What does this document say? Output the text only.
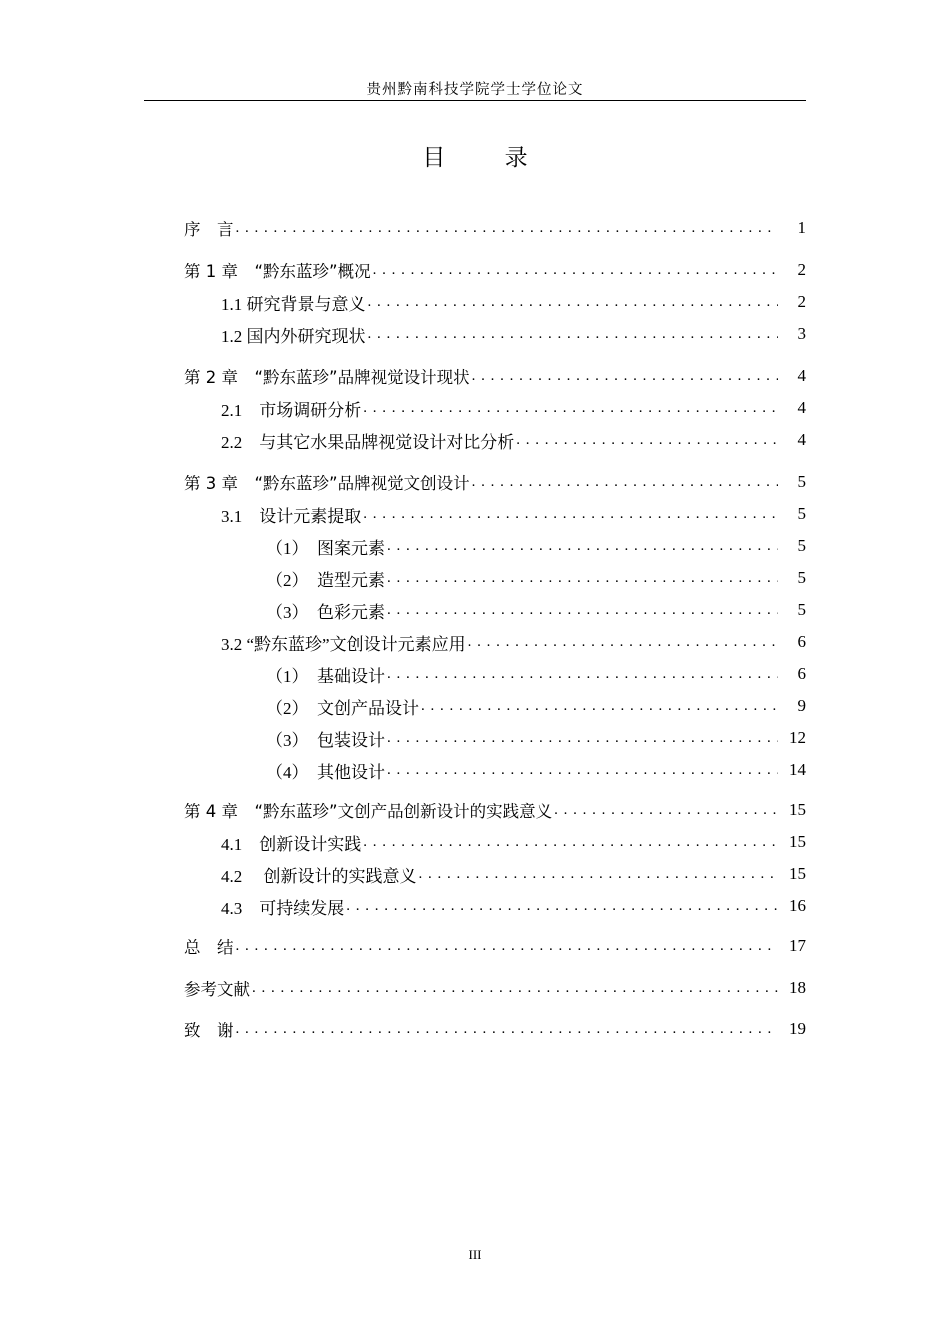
贵州黔南科技学院学士学位论文
目 录
序　言 . . .	1
第 1 章　“黔东蓝珍”概况 . . .	2
1.1 研究背景与意义 . . .	2
1.2 国内外研究现状 . . .	3
第 2 章　“黔东蓝珍”品牌视觉设计现状 . . .	4
2.1　市场调研分析 . . .	4
2.2　与其它水果品牌视觉设计对比分析 . . .	4
第 3 章　“黔东蓝珍”品牌视觉文创设计 . . .	5
3.1　设计元素提取 . . .	5
（1）　图案元素 . . .	5
（2）　造型元素 . . .	5
（3）　色彩元素 . . .	5
3.2 “黔东蓝珍”文创设计元素应用 . . .	6
（1）　基础设计 . . .	6
（2）　文创产品设计 . . .	9
（3）　包装设计 . . .	12
（4）　其他设计 . . .	14
第 4 章　“黔东蓝珍”文创产品创新设计的实践意义 . . .	15
4.1　创新设计实践 . . .	15
4.2　 创新设计的实践意义 . . .	15
4.3　可持续发展 . . .	16
总　结 . . .	17
参考文献 . . .	18
致　谢 . . .	19
III
